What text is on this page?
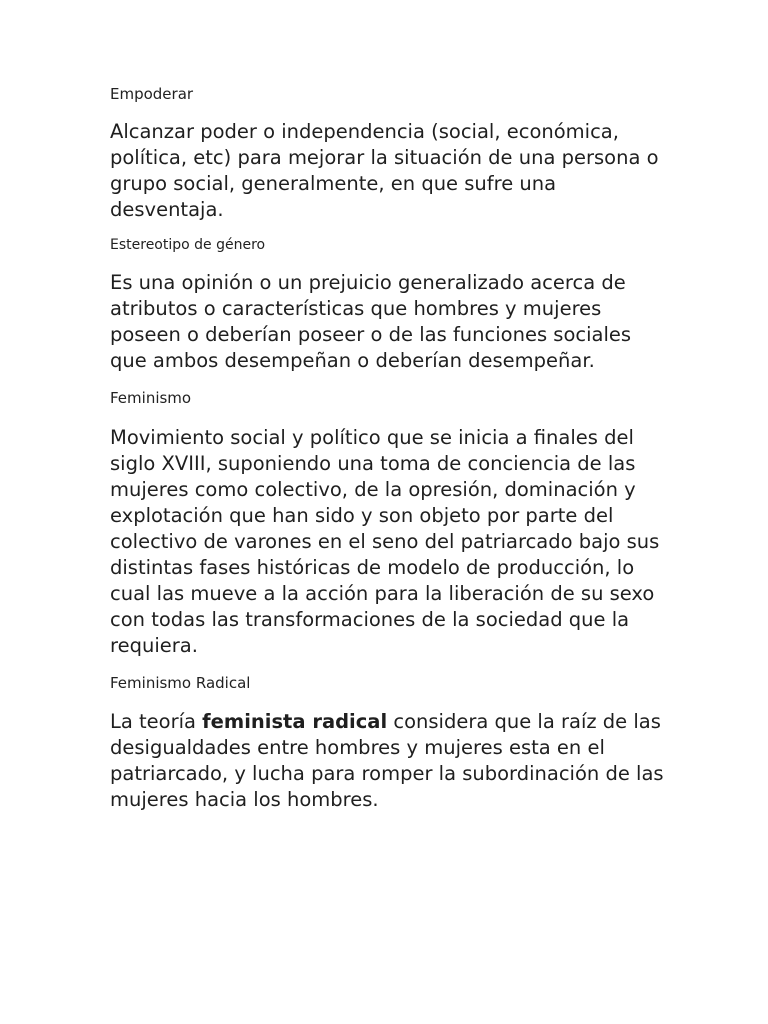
Empoderar

Alcanzar poder o independencia (social, económica, política, etc) para mejorar la situación de una persona o grupo social, generalmente, en que sufre una desventaja.

Estereotipo de género

Es una opinión o un prejuicio generalizado acerca de atributos o características que hombres y mujeres poseen o deberían poseer o de las funciones sociales que ambos desempeñan o deberían desempeñar.

Feminismo

Movimiento social y político que se inicia a finales del siglo XVIII, suponiendo una toma de conciencia de las mujeres como colectivo, de la opresión, dominación y explotación que han sido y son objeto por parte del colectivo de varones en el seno del patriarcado bajo sus distintas fases históricas de modelo de producción, lo cual las mueve a la acción para la liberación de su sexo con todas las transformaciones de la sociedad que la requiera.

Feminismo Radical

La teoría feminista radical considera que la raíz de las desigualdades entre hombres y mujeres esta en el patriarcado, y lucha para romper la subordinación de las mujeres hacia los hombres.
